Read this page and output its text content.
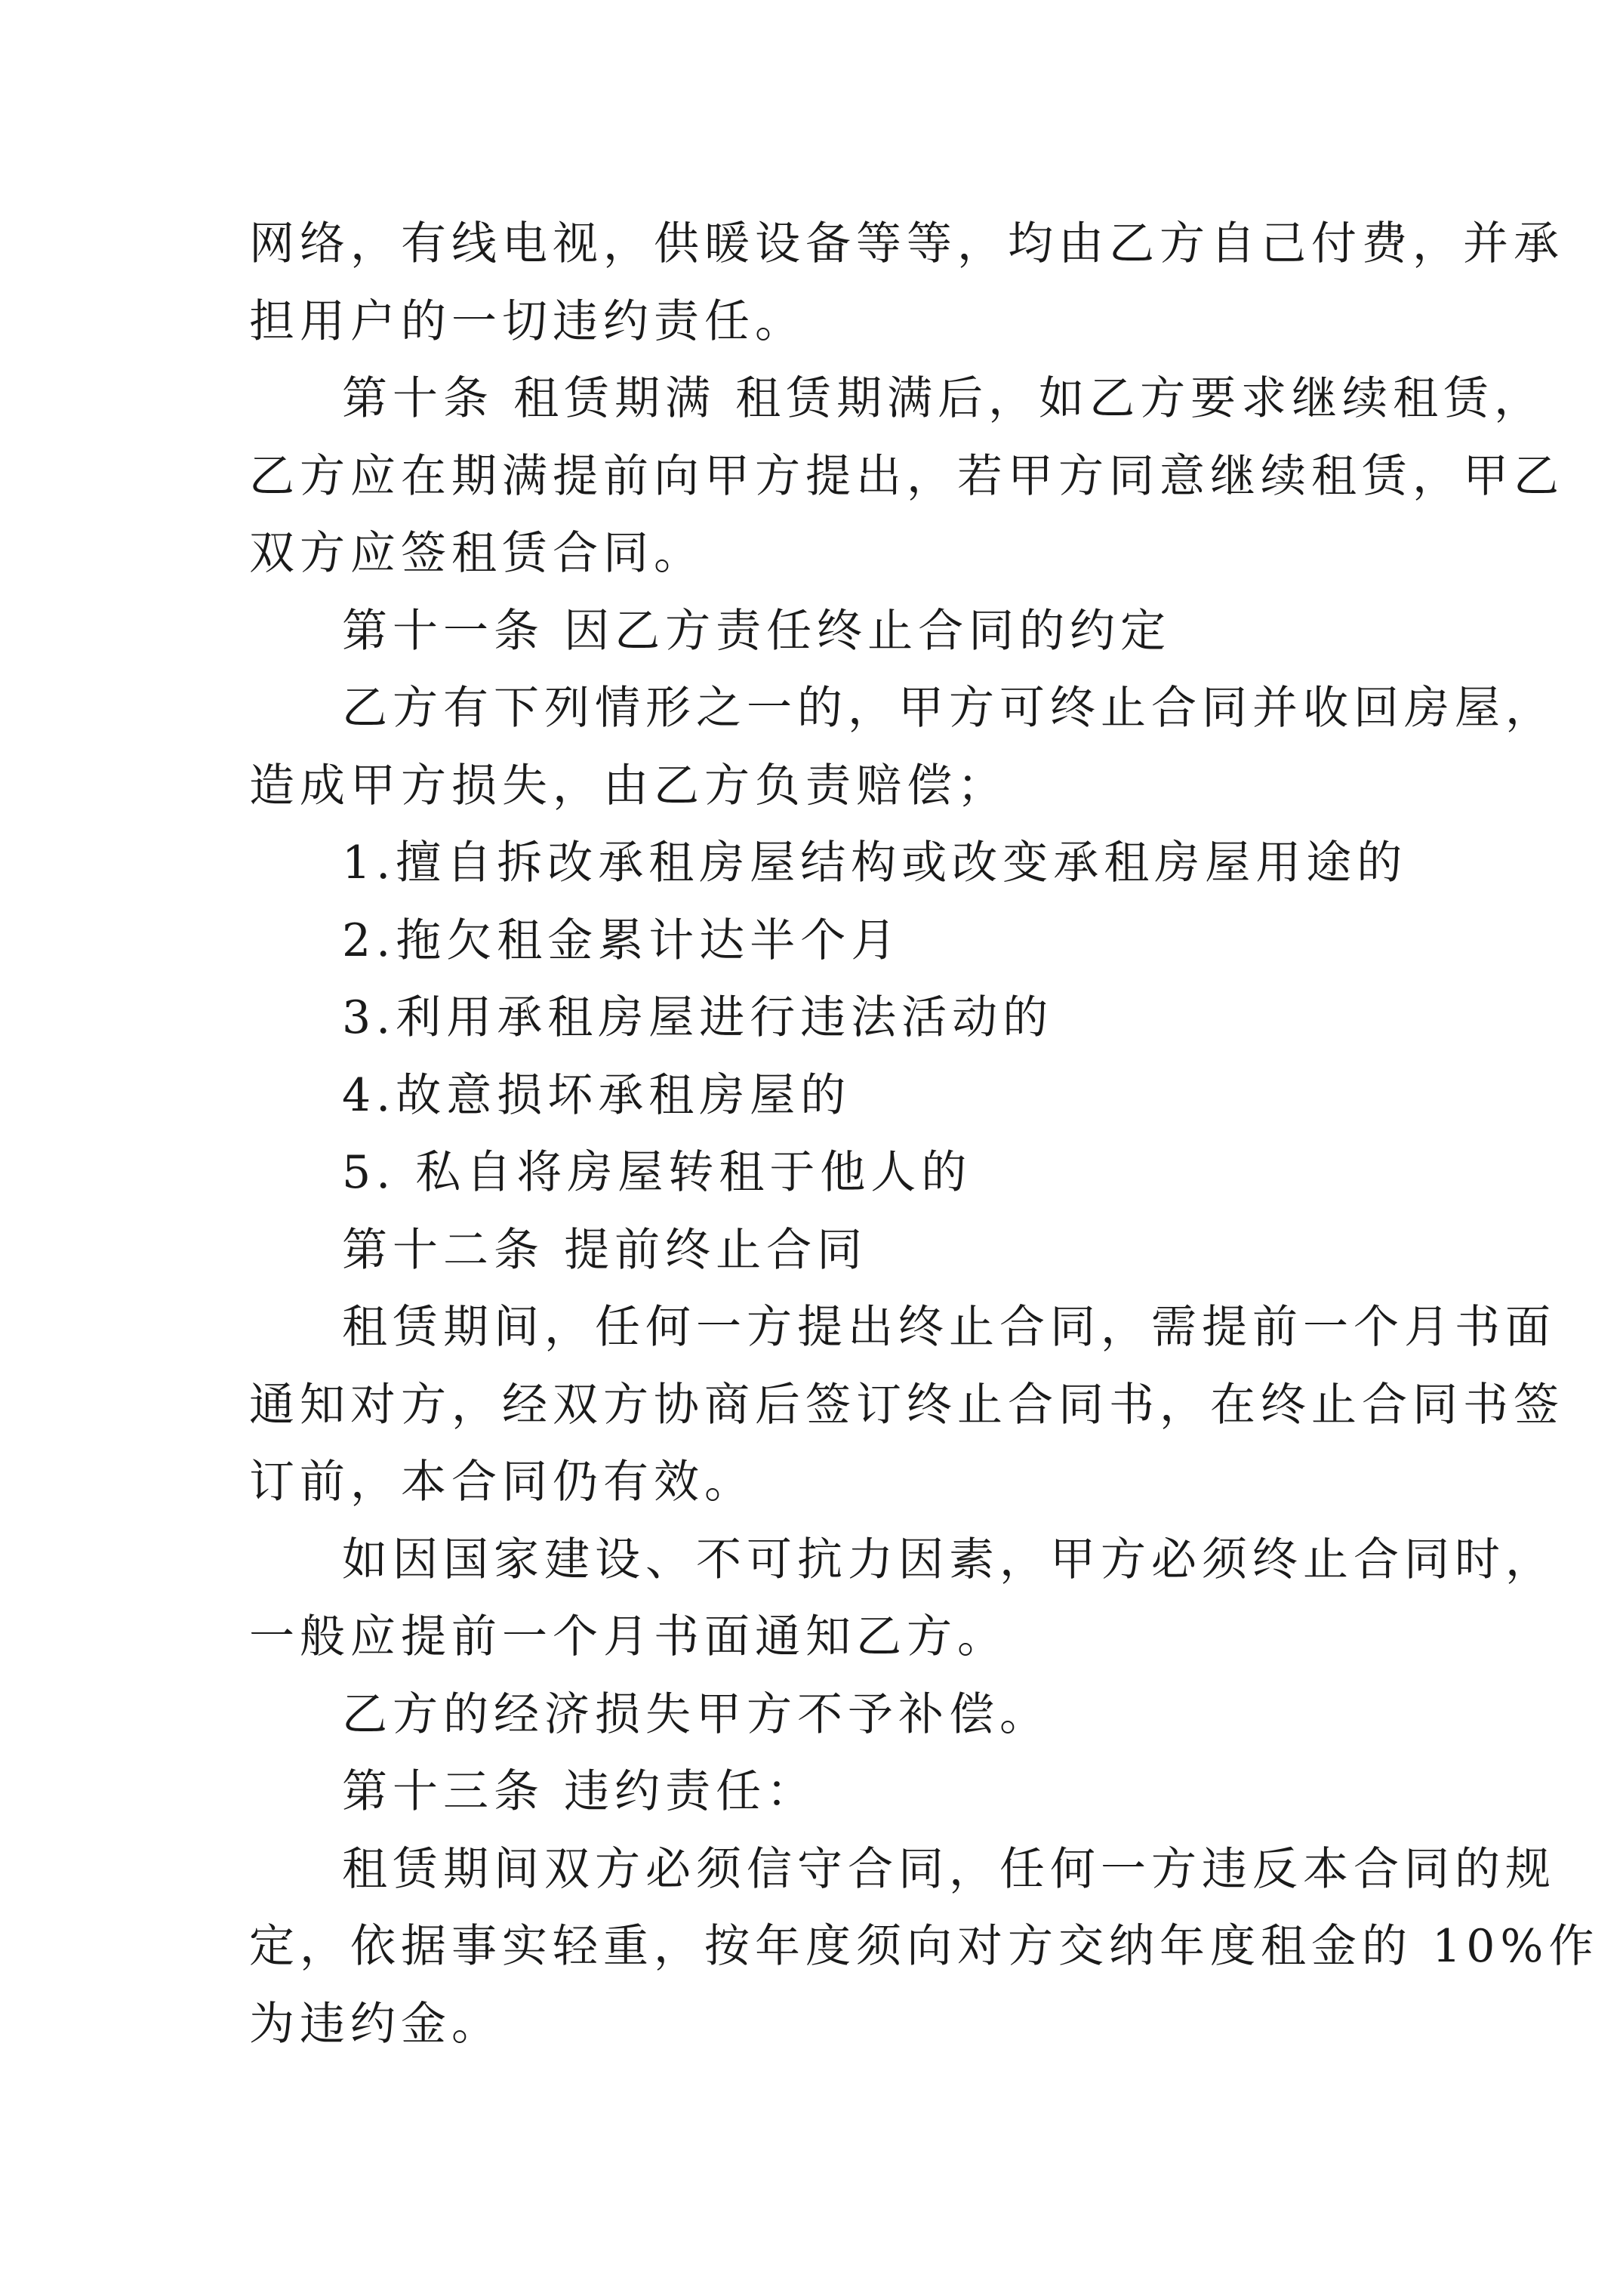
网络，有线电视，供暖设备等等，均由乙方自己付费，并承

担用户的一切违约责任。

第十条 租赁期满 租赁期满后，如乙方要求继续租赁，

乙方应在期满提前向甲方提出，若甲方同意继续租赁，甲乙

双方应签租赁合同。

第十一条 因乙方责任终止合同的约定

乙方有下列情形之一的，甲方可终止合同并收回房屋，

造成甲方损失，由乙方负责赔偿；

1.擅自拆改承租房屋结构或改变承租房屋用途的

2.拖欠租金累计达半个月

3.利用承租房屋进行违法活动的

4.故意损坏承租房屋的

5. 私自将房屋转租于他人的

第十二条 提前终止合同

租赁期间，任何一方提出终止合同，需提前一个月书面

通知对方，经双方协商后签订终止合同书，在终止合同书签

订前，本合同仍有效。

如因国家建设、不可抗力因素，甲方必须终止合同时，

一般应提前一个月书面通知乙方。

乙方的经济损失甲方不予补偿。

第十三条 违约责任：

租赁期间双方必须信守合同，任何一方违反本合同的规

定，依据事实轻重，按年度须向对方交纳年度租金的 10%作

为违约金。
